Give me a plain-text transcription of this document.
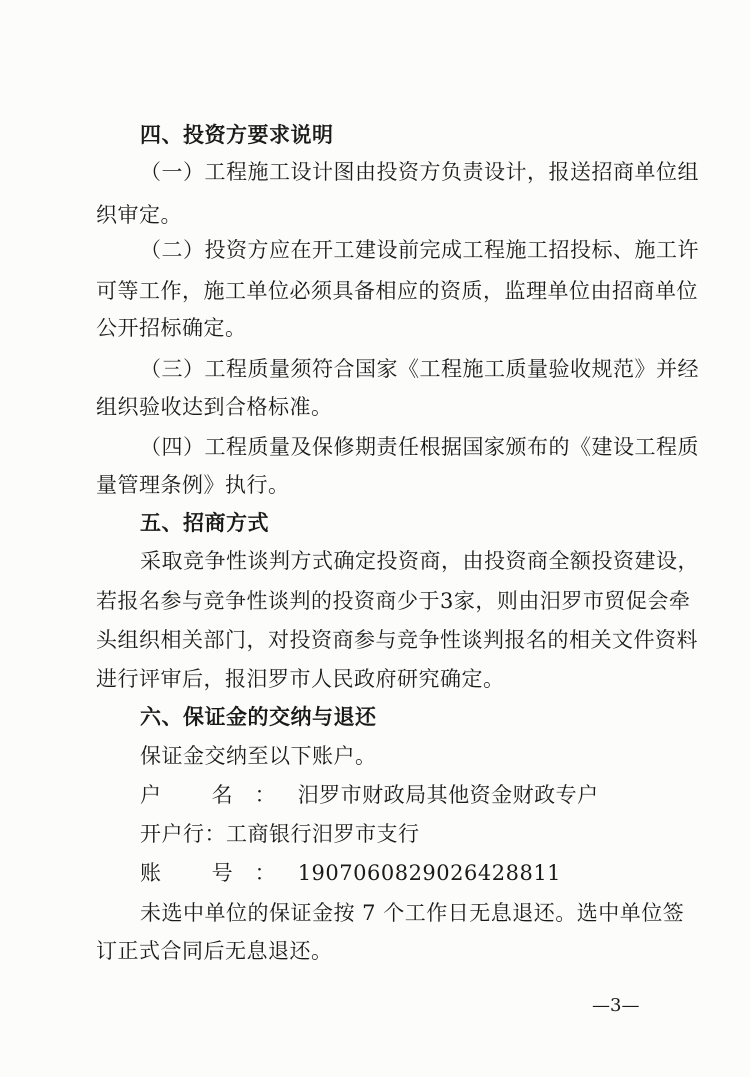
四、投资方要求说明
（一）工程施工设计图由投资方负责设计，报送招商单位组
织审定。
（二）投资方应在开工建设前完成工程施工招投标、施工许
可等工作，施工单位必须具备相应的资质，监理单位由招商单位
公开招标确定。
（三）工程质量须符合国家《工程施工质量验收规范》并经
组织验收达到合格标准。
（四）工程质量及保修期责任根据国家颁布的《建设工程质
量管理条例》执行。
五、招商方式
采取竞争性谈判方式确定投资商，由投资商全额投资建设，
若报名参与竞争性谈判的投资商少于3家，则由汨罗市贸促会牵
头组织相关部门，对投资商参与竞争性谈判报名的相关文件资料
进行评审后，报汨罗市人民政府研究确定。
六、保证金的交纳与退还
保证金交纳至以下账户。
户 名：汨罗市财政局其他资金财政专户
开户行：工商银行汨罗市支行
账 号：1907060829026428811
未选中单位的保证金按 7 个工作日无息退还。选中单位签
订正式合同后无息退还。
—3—
